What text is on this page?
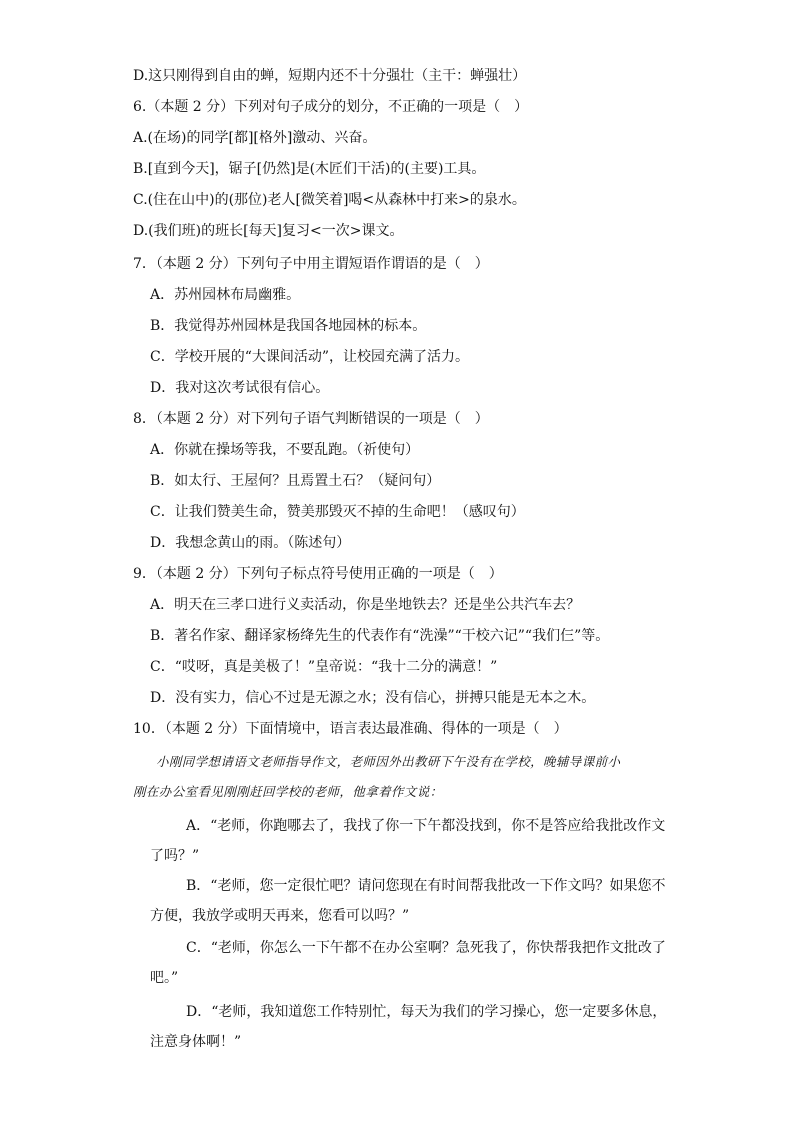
D.这只刚得到自由的蝉，短期内还不十分强壮（主干：蝉强壮）
6.（本题 2 分）下列对句子成分的划分，不正确的一项是（　）
A.(在场)的同学[都][格外]激动、兴奋。
B.[直到今天]，锯子[仍然]是(木匠们干活)的(主要)工具。
C.(住在山中)的(那位)老人[微笑着]喝<从森林中打来>的泉水。
D.(我们班)的班长[每天]复习<一次>课文。
7．（本题 2 分）下列句子中用主谓短语作谓语的是（　）
A．苏州园林布局幽雅。
B．我觉得苏州园林是我国各地园林的标本。
C．学校开展的“大课间活动”，让校园充满了活力。
D．我对这次考试很有信心。
8．（本题 2 分）对下列句子语气判断错误的一项是（　）
A．你就在操场等我，不要乱跑。（祈使句）
B．如太行、王屋何？且焉置土石？（疑问句）
C．让我们赞美生命，赞美那毁灭不掉的生命吧！（感叹句）
D．我想念黄山的雨。（陈述句）
9．（本题 2 分）下列句子标点符号使用正确的一项是（　）
A．明天在三孝口进行义卖活动，你是坐地铁去？还是坐公共汽车去？
B．著名作家、翻译家杨绛先生的代表作有“洗澡”“干校六记”“我们仨”等。
C．“哎呀，真是美极了！”皇帝说：“我十二分的满意！”
D．没有实力，信心不过是无源之水；没有信心，拼搏只能是无本之木。
10．（本题 2 分）下面情境中，语言表达最准确、得体的一项是（　）
小刚同学想请语文老师指导作文，老师因外出教研下午没有在学校，晚辅导课前小
刚在办公室看见刚刚赶回学校的老师，他拿着作文说：
A．“老师，你跑哪去了，我找了你一下午都没找到，你不是答应给我批改作文
了吗？”
B．“老师，您一定很忙吧？请问您现在有时间帮我批改一下作文吗？如果您不
方便，我放学或明天再来，您看可以吗？”
C．“老师，你怎么一下午都不在办公室啊？急死我了，你快帮我把作文批改了
吧。”
D．“老师，我知道您工作特别忙，每天为我们的学习操心，您一定要多休息，
注意身体啊！”
